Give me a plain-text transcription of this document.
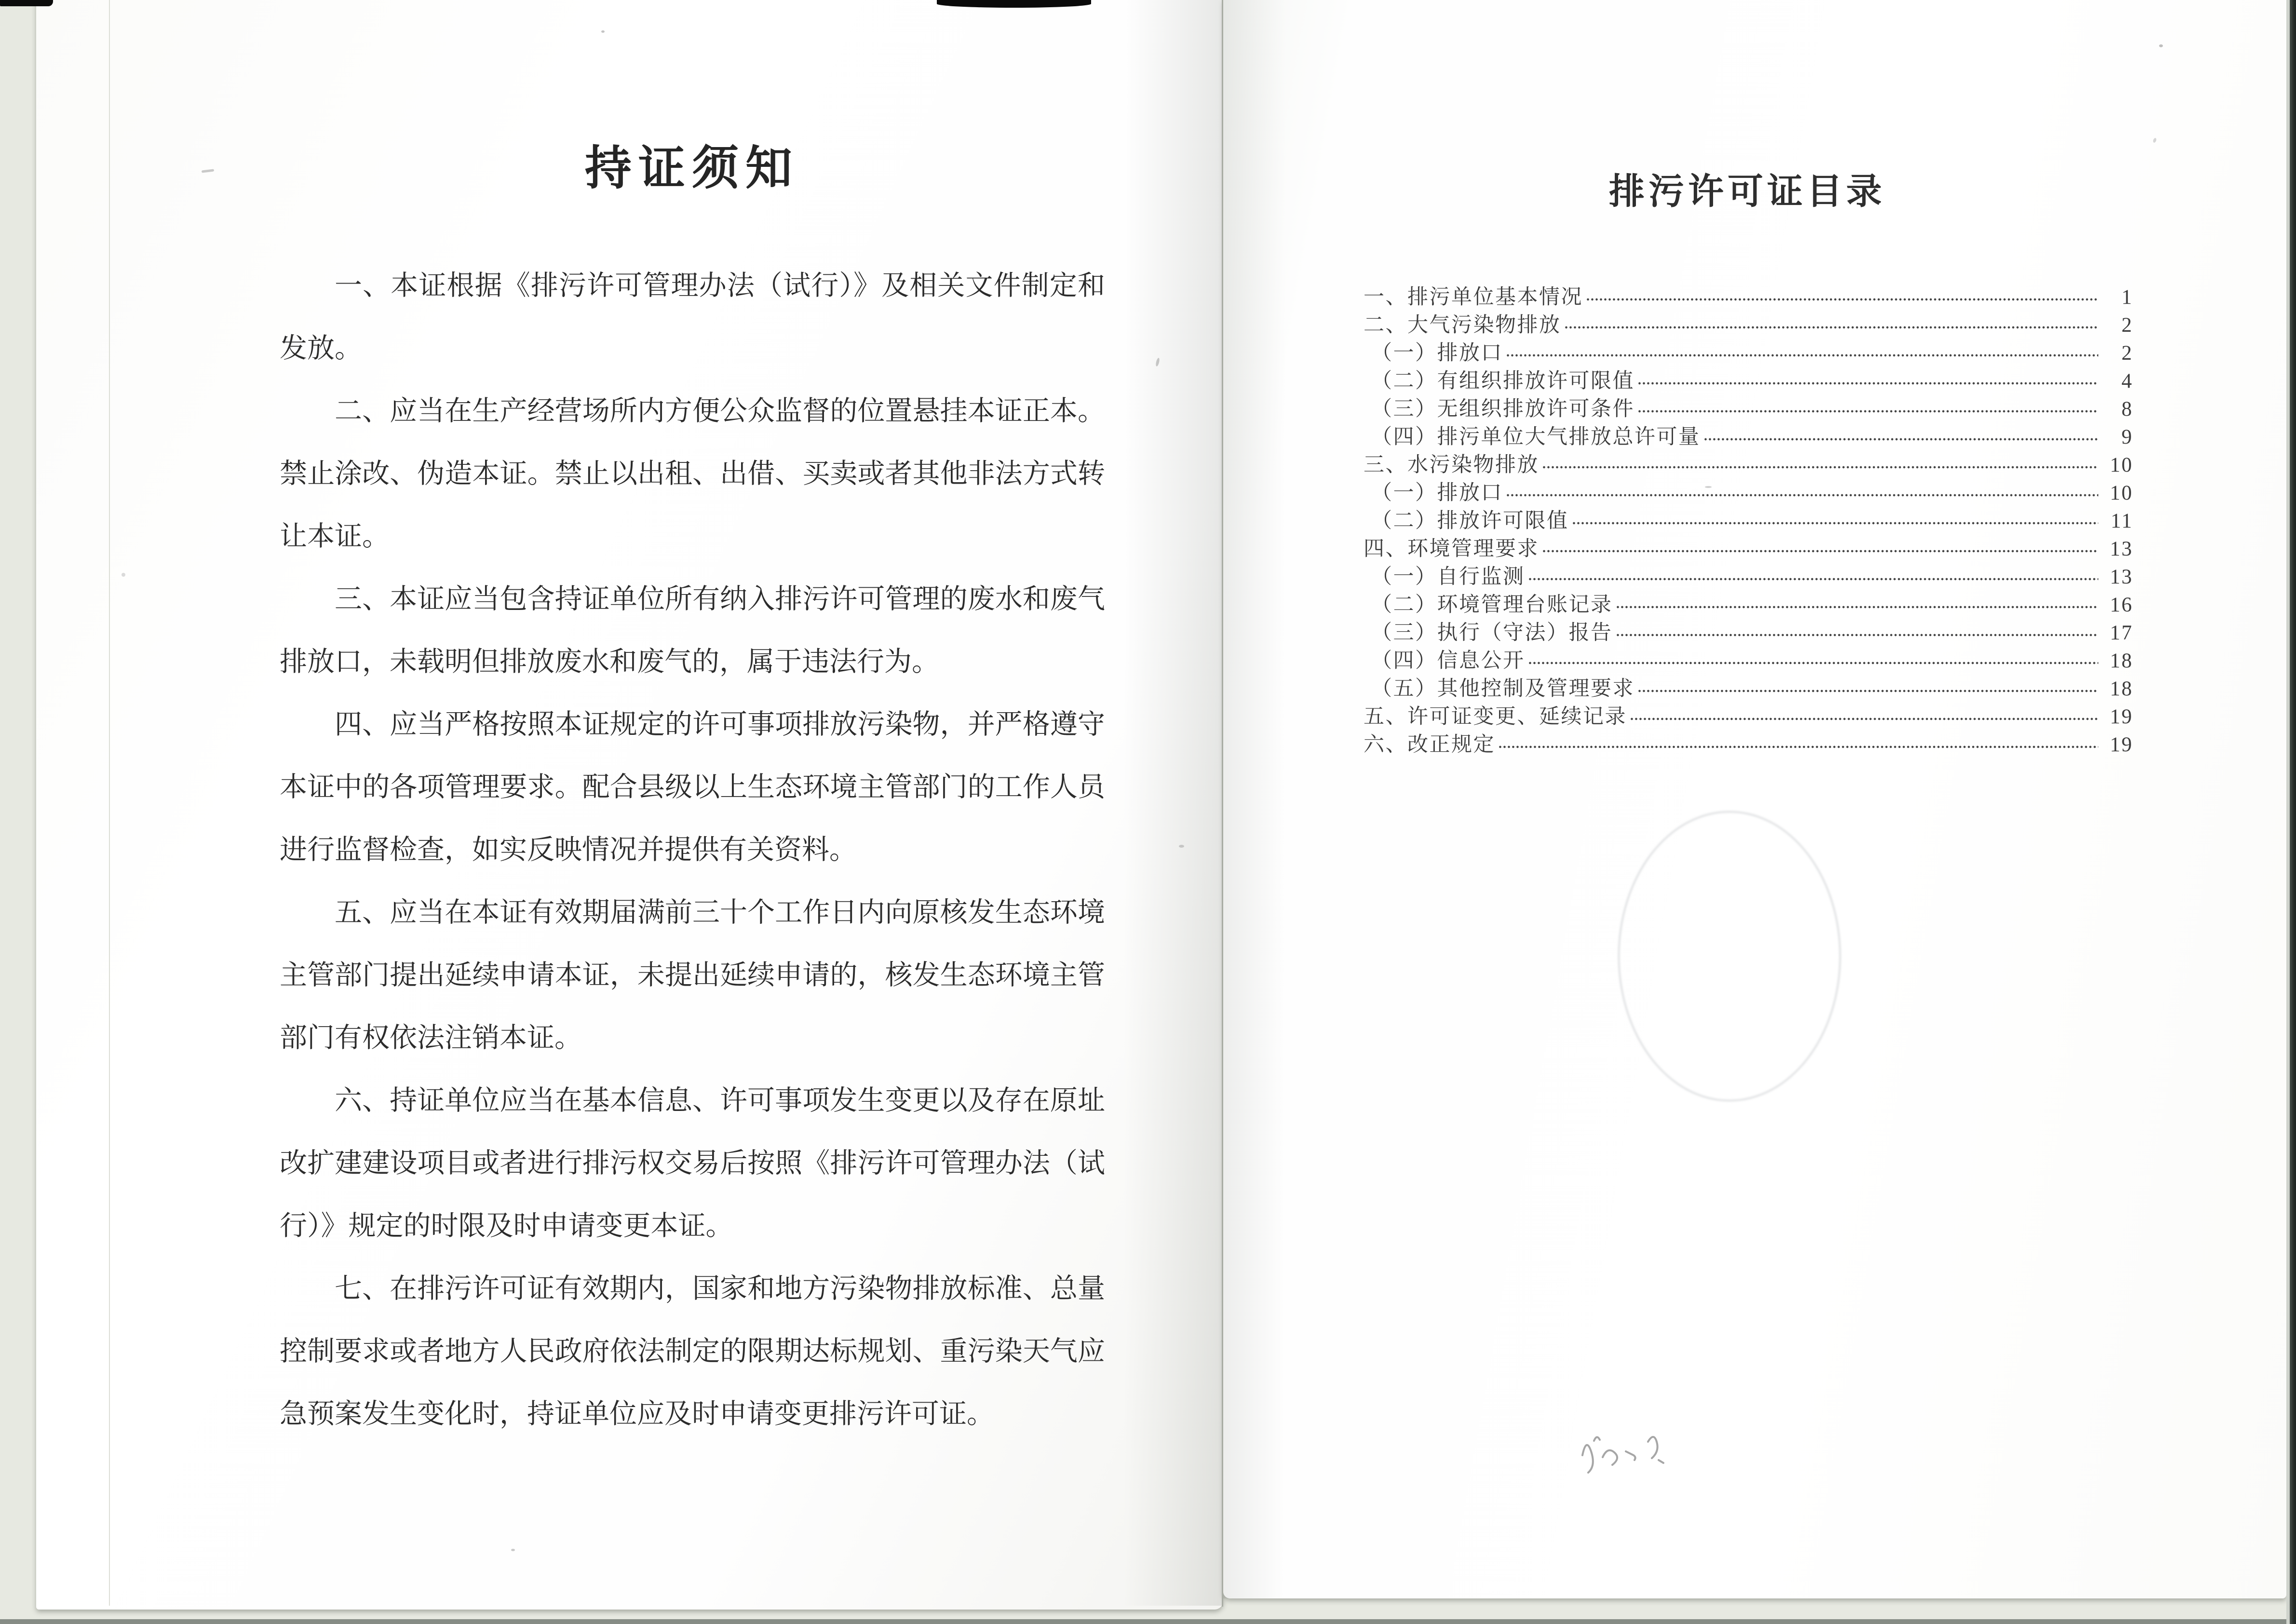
持证须知

一、本证根据《排污许可管理办法（试行）》及相关文件制定和发放。

二、应当在生产经营场所内方便公众监督的位置悬挂本证正本。禁止涂改、伪造本证。禁止以出租、出借、买卖或者其他非法方式转让本证。

三、本证应当包含持证单位所有纳入排污许可管理的废水和废气排放口，未载明但排放废水和废气的，属于违法行为。

四、应当严格按照本证规定的许可事项排放污染物，并严格遵守本证中的各项管理要求。配合县级以上生态环境主管部门的工作人员进行监督检查，如实反映情况并提供有关资料。

五、应当在本证有效期届满前三十个工作日内向原核发生态环境主管部门提出延续申请本证，未提出延续申请的，核发生态环境主管部门有权依法注销本证。

六、持证单位应当在基本信息、许可事项发生变更以及存在原址改扩建建设项目或者进行排污权交易后按照《排污许可管理办法（试行）》规定的时限及时申请变更本证。

七、在排污许可证有效期内，国家和地方污染物排放标准、总量控制要求或者地方人民政府依法制定的限期达标规划、重污染天气应急预案发生变化时，持证单位应及时申请变更排污许可证。

排污许可证目录
一、排污单位基本情况	1
二、大气污染物排放	2
（一）排放口	2
（二）有组织排放许可限值	4
（三）无组织排放许可条件	8
（四）排污单位大气排放总许可量	9
三、水污染物排放	10
（一）排放口	10
（二）排放许可限值	11
四、环境管理要求	13
（一）自行监测	13
（二）环境管理台账记录	16
（三）执行（守法）报告	17
（四）信息公开	18
（五）其他控制及管理要求	18
五、许可证变更、延续记录	19
六、改正规定	19
